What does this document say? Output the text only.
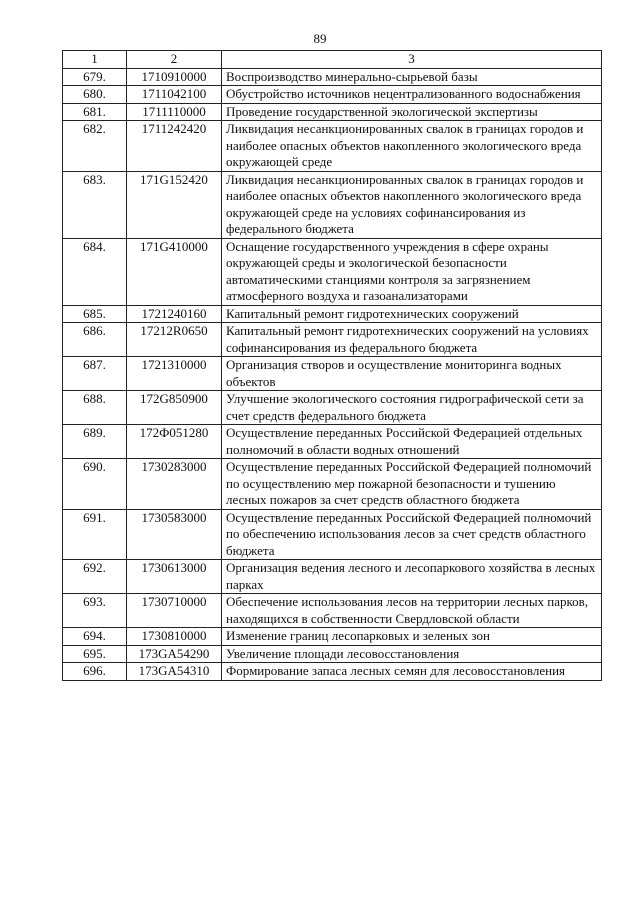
89
1	2	3
679.	1710910000	Воспроизводство минерально-сырьевой базы
680.	1711042100	Обустройство источников нецентрализованного водоснабжения
681.	1711110000	Проведение государственной экологической экспертизы
682.	1711242420	Ликвидация несанкционированных свалок в границах городов и наиболее опасных объектов накопленного экологического вреда окружающей среде
683.	171G152420	Ликвидация несанкционированных свалок в границах городов и наиболее опасных объектов накопленного экологического вреда окружающей среде на условиях софинансирования из федерального бюджета
684.	171G410000	Оснащение государственного учреждения в сфере охраны окружающей среды и экологической безопасности автоматическими станциями контроля за загрязнением атмосферного воздуха и газоанализаторами
685.	1721240160	Капитальный ремонт гидротехнических сооружений
686.	17212R0650	Капитальный ремонт гидротехнических сооружений на условиях софинансирования из федерального бюджета
687.	1721310000	Организация створов и осуществление мониторинга водных объектов
688.	172G850900	Улучшение экологического состояния гидрографической сети за счет средств федерального бюджета
689.	172Ф051280	Осуществление переданных Российской Федерацией отдельных полномочий в области водных отношений
690.	1730283000	Осуществление переданных Российской Федерацией полномочий по осуществлению мер пожарной безопасности и тушению лесных пожаров за счет средств областного бюджета
691.	1730583000	Осуществление переданных Российской Федерацией полномочий по обеспечению использования лесов за счет средств областного бюджета
692.	1730613000	Организация ведения лесного и лесопаркового хозяйства в лесных парках
693.	1730710000	Обеспечение использования лесов на территории лесных парков, находящихся в собственности Свердловской области
694.	1730810000	Изменение границ лесопарковых и зеленых зон
695.	173GA54290	Увеличение площади лесовосстановления
696.	173GA54310	Формирование запаса лесных семян для лесовосстановления
